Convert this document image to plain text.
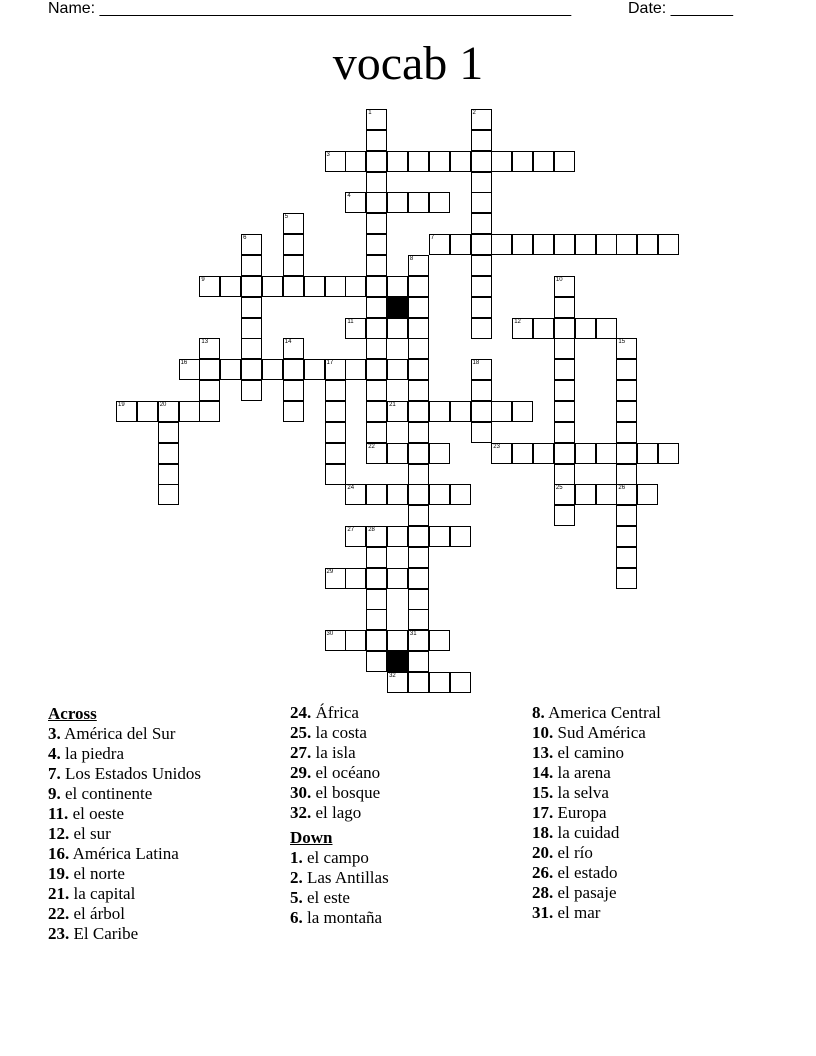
Name: _____________________________________________________	Date: _______
vocab 1
1	2
3
4
5
6	7
8
31
9	10
25
11	12
13	14	15
16	17	18
19	20	21
22	23
24	26
27 28
29
30
32
Across
3. América del Sur
4. la piedra
7. Los Estados Unidos
9. el continente
11. el oeste
12. el sur
16. América Latina
19. el norte
21. la capital
22. el árbol
23. El Caribe
24. África
25. la costa
27. la isla
29. el océano
30. el bosque
32. el lago
Down
1. el campo
2. Las Antillas
5. el este
6. la montaña
8. America Central
10. Sud América
13. el camino
14. la arena
15. la selva
17. Europa
18. la cuidad
20. el río
26. el estado
28. el pasaje
31. el mar
